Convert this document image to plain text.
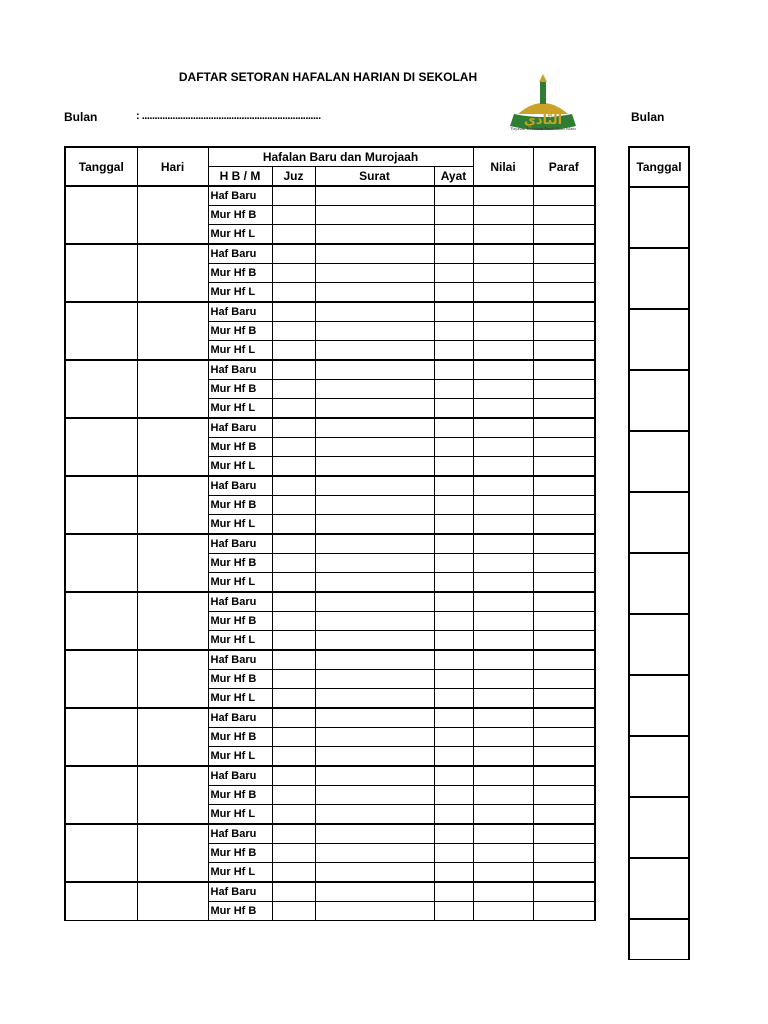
DAFTAR SETORAN HAFALAN HARIAN DI SEKOLAH
Bulan	: ......................................................................	Bulan
النّادي
Yayasan Kesatuan Pendidikan Islam
Tanggal	Hari	Hafalan Baru dan Murojaah				Nilai	Paraf
		H B / M	Juz	Surat	Ayat		
		Haf Baru					
		Mur Hf B					
		Mur Hf L					
		Haf Baru					
		Mur Hf B					
		Mur Hf L					
		Haf Baru					
		Mur Hf B					
		Mur Hf L					
		Haf Baru					
		Mur Hf B					
		Mur Hf L					
		Haf Baru					
		Mur Hf B					
		Mur Hf L					
		Haf Baru					
		Mur Hf B					
		Mur Hf L					
		Haf Baru					
		Mur Hf B					
		Mur Hf L					
		Haf Baru					
		Mur Hf B					
		Mur Hf L					
		Haf Baru					
		Mur Hf B					
		Mur Hf L					
		Haf Baru					
		Mur Hf B					
		Mur Hf L					
		Haf Baru					
		Mur Hf B					
		Mur Hf L					
		Haf Baru					
		Mur Hf B					
		Mur Hf L					
		Haf Baru					
		Mur Hf B					
Tanggal
